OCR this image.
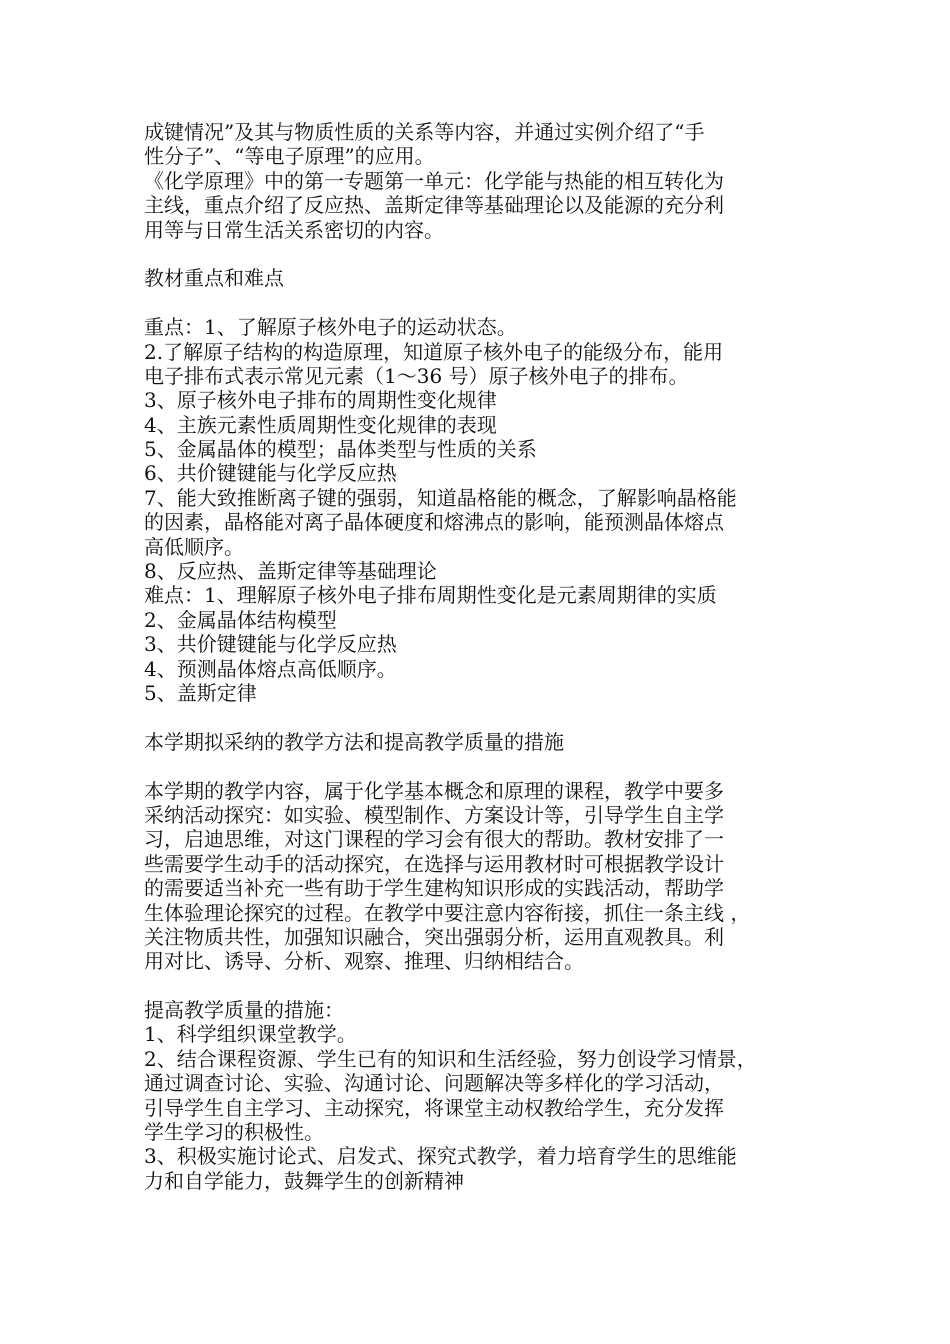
成键情况”及其与物质性质的关系等内容，并通过实例介绍了“手
性分子”、“等电子原理”的应用。
《化学原理》中的第一专题第一单元：化学能与热能的相互转化为
主线，重点介绍了反应热、盖斯定律等基础理论以及能源的充分利
用等与日常生活关系密切的内容。
教材重点和难点
重点：1、了解原子核外电子的运动状态。
2.了解原子结构的构造原理，知道原子核外电子的能级分布，能用
电子排布式表示常见元素（1～36 号）原子核外电子的排布。
3、原子核外电子排布的周期性变化规律
4、主族元素性质周期性变化规律的表现
5、金属晶体的模型；晶体类型与性质的关系
6、共价键键能与化学反应热
7、能大致推断离子键的强弱，知道晶格能的概念，了解影响晶格能
的因素，晶格能对离子晶体硬度和熔沸点的影响，能预测晶体熔点
高低顺序。
8、反应热、盖斯定律等基础理论
难点：1、理解原子核外电子排布周期性变化是元素周期律的实质
2、金属晶体结构模型
3、共价键键能与化学反应热
4、预测晶体熔点高低顺序。
5、盖斯定律
本学期拟采纳的教学方法和提高教学质量的措施
本学期的教学内容，属于化学基本概念和原理的课程，教学中要多
采纳活动探究：如实验、模型制作、方案设计等，引导学生自主学
习，启迪思维，对这门课程的学习会有很大的帮助。教材安排了一
些需要学生动手的活动探究，在选择与运用教材时可根据教学设计
的需要适当补充一些有助于学生建构知识形成的实践活动，帮助学
生体验理论探究的过程。在教学中要注意内容衔接，抓住一条主线 ，
关注物质共性，加强知识融合，突出强弱分析，运用直观教具。利
用对比、诱导、分析、观察、推理、归纳相结合。
提高教学质量的措施：
1、科学组织课堂教学。
2、结合课程资源、学生已有的知识和生活经验，努力创设学习情景，
通过调查讨论、实验、沟通讨论、问题解决等多样化的学习活动，
引导学生自主学习、主动探究，将课堂主动权教给学生，充分发挥
学生学习的积极性。
3、积极实施讨论式、启发式、探究式教学，着力培育学生的思维能
力和自学能力，鼓舞学生的创新精神
